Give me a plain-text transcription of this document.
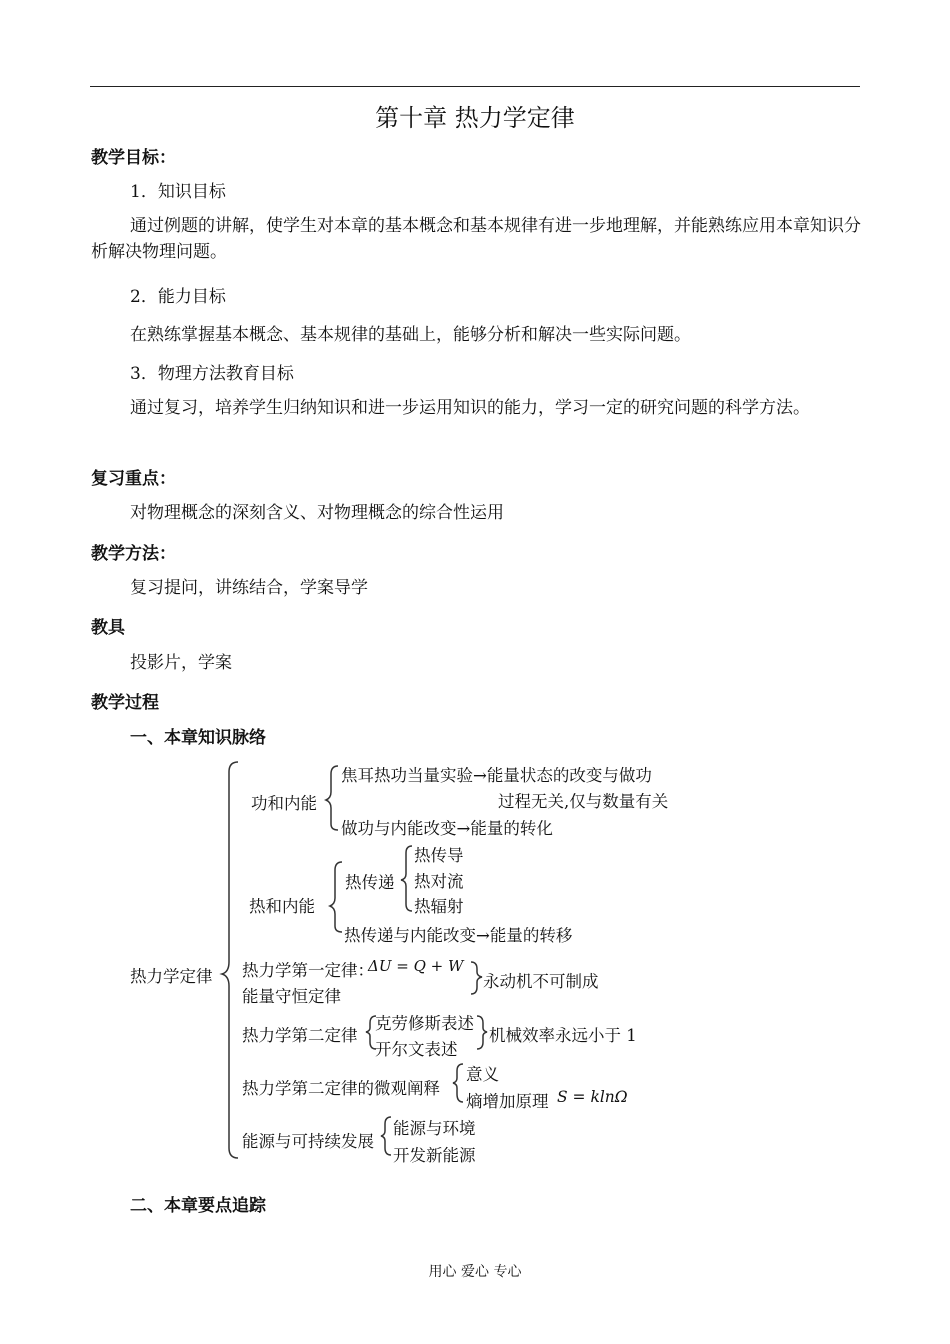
第十章 热力学定律
教学目标：
1．知识目标
通过例题的讲解，使学生对本章的基本概念和基本规律有进一步地理解，并能熟练应用本章知识分析解决物理问题。
2．能力目标
在熟练掌握基本概念、基本规律的基础上，能够分析和解决一些实际问题。
3．物理方法教育目标
通过复习，培养学生归纳知识和进一步运用知识的能力，学习一定的研究问题的科学方法。
复习重点：
对物理概念的深刻含义、对物理概念的综合性运用
教学方法：
复习提问，讲练结合，学案导学
教具
投影片，学案
教学过程
一、本章知识脉络
热力学定律
功和内能
焦耳热功当量实验→能量状态的改变与做功
过程无关,仅与数量有关
做功与内能改变→能量的转化
热和内能
热传递
热传导
热对流
热辐射
热传递与内能改变→能量的转移
热力学第一定律：
ΔU = Q + W
能量守恒定律
永动机不可制成
热力学第二定律
克劳修斯表述
开尔文表述
机械效率永远小于 1
热力学第二定律的微观阐释
意义
熵增加原理 S = klnΩ
能源与可持续发展
能源与环境
开发新能源
二、本章要点追踪
用心 爱心 专心
